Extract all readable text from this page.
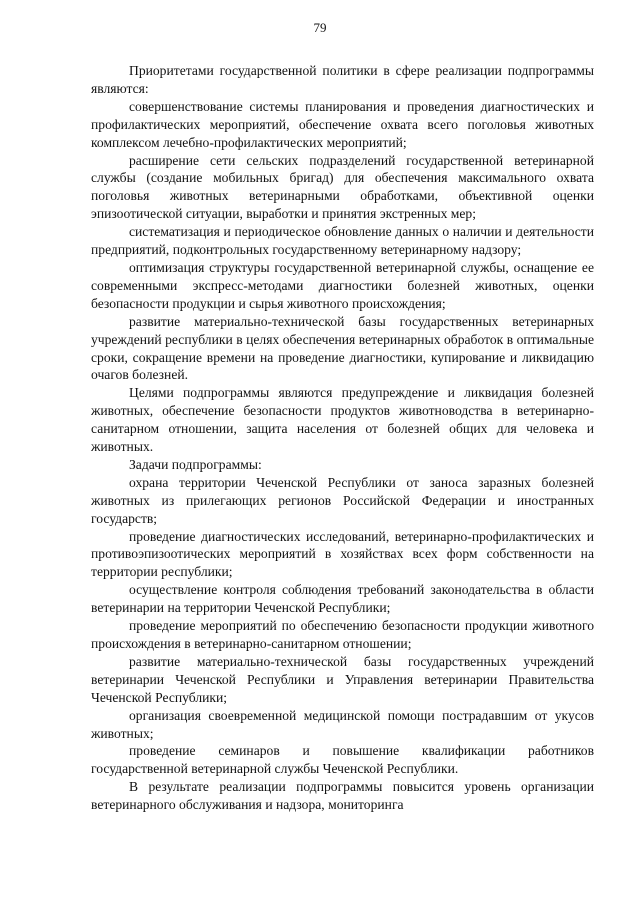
79

Приоритетами государственной политики в сфере реализации подпрограммы являются:

совершенствование системы планирования и проведения диагностических и профилактических мероприятий, обеспечение охвата всего поголовья животных комплексом лечебно-профилактических мероприятий;

расширение сети сельских подразделений государственной ветеринарной службы (создание мобильных бригад) для обеспечения максимального охвата поголовья животных ветеринарными обработками, объективной оценки эпизоотической ситуации, выработки и принятия экстренных мер;

систематизация и периодическое обновление данных о наличии и деятельности предприятий, подконтрольных государственному ветеринарному надзору;

оптимизация структуры государственной ветеринарной службы, оснащение ее современными экспресс-методами диагностики болезней животных, оценки безопасности продукции и сырья животного происхождения;

развитие материально-технической базы государственных ветеринарных учреждений республики в целях обеспечения ветеринарных обработок в оптимальные сроки, сокращение времени на проведение диагностики, купирование и ликвидацию очагов болезней.

Целями подпрограммы являются предупреждение и ликвидация болезней животных, обеспечение безопасности продуктов животноводства в ветеринарно-санитарном отношении, защита населения от болезней общих для человека и животных.

Задачи подпрограммы:

охрана территории Чеченской Республики от заноса заразных болезней животных из прилегающих регионов Российской Федерации и иностранных государств;

проведение диагностических исследований, ветеринарно-профилактических и противоэпизоотических мероприятий в хозяйствах всех форм собственности на территории республики;

осуществление контроля соблюдения требований законодательства в области ветеринарии на территории Чеченской Республики;

проведение мероприятий по обеспечению безопасности продукции животного происхождения в ветеринарно-санитарном отношении;

развитие материально-технической базы государственных учреждений ветеринарии Чеченской Республики и Управления ветеринарии Правительства Чеченской Республики;

организация своевременной медицинской помощи пострадавшим от укусов животных;

проведение семинаров и повышение квалификации работников государственной ветеринарной службы Чеченской Республики.

В результате реализации подпрограммы повысится уровень организации ветеринарного обслуживания и надзора, мониторинга
